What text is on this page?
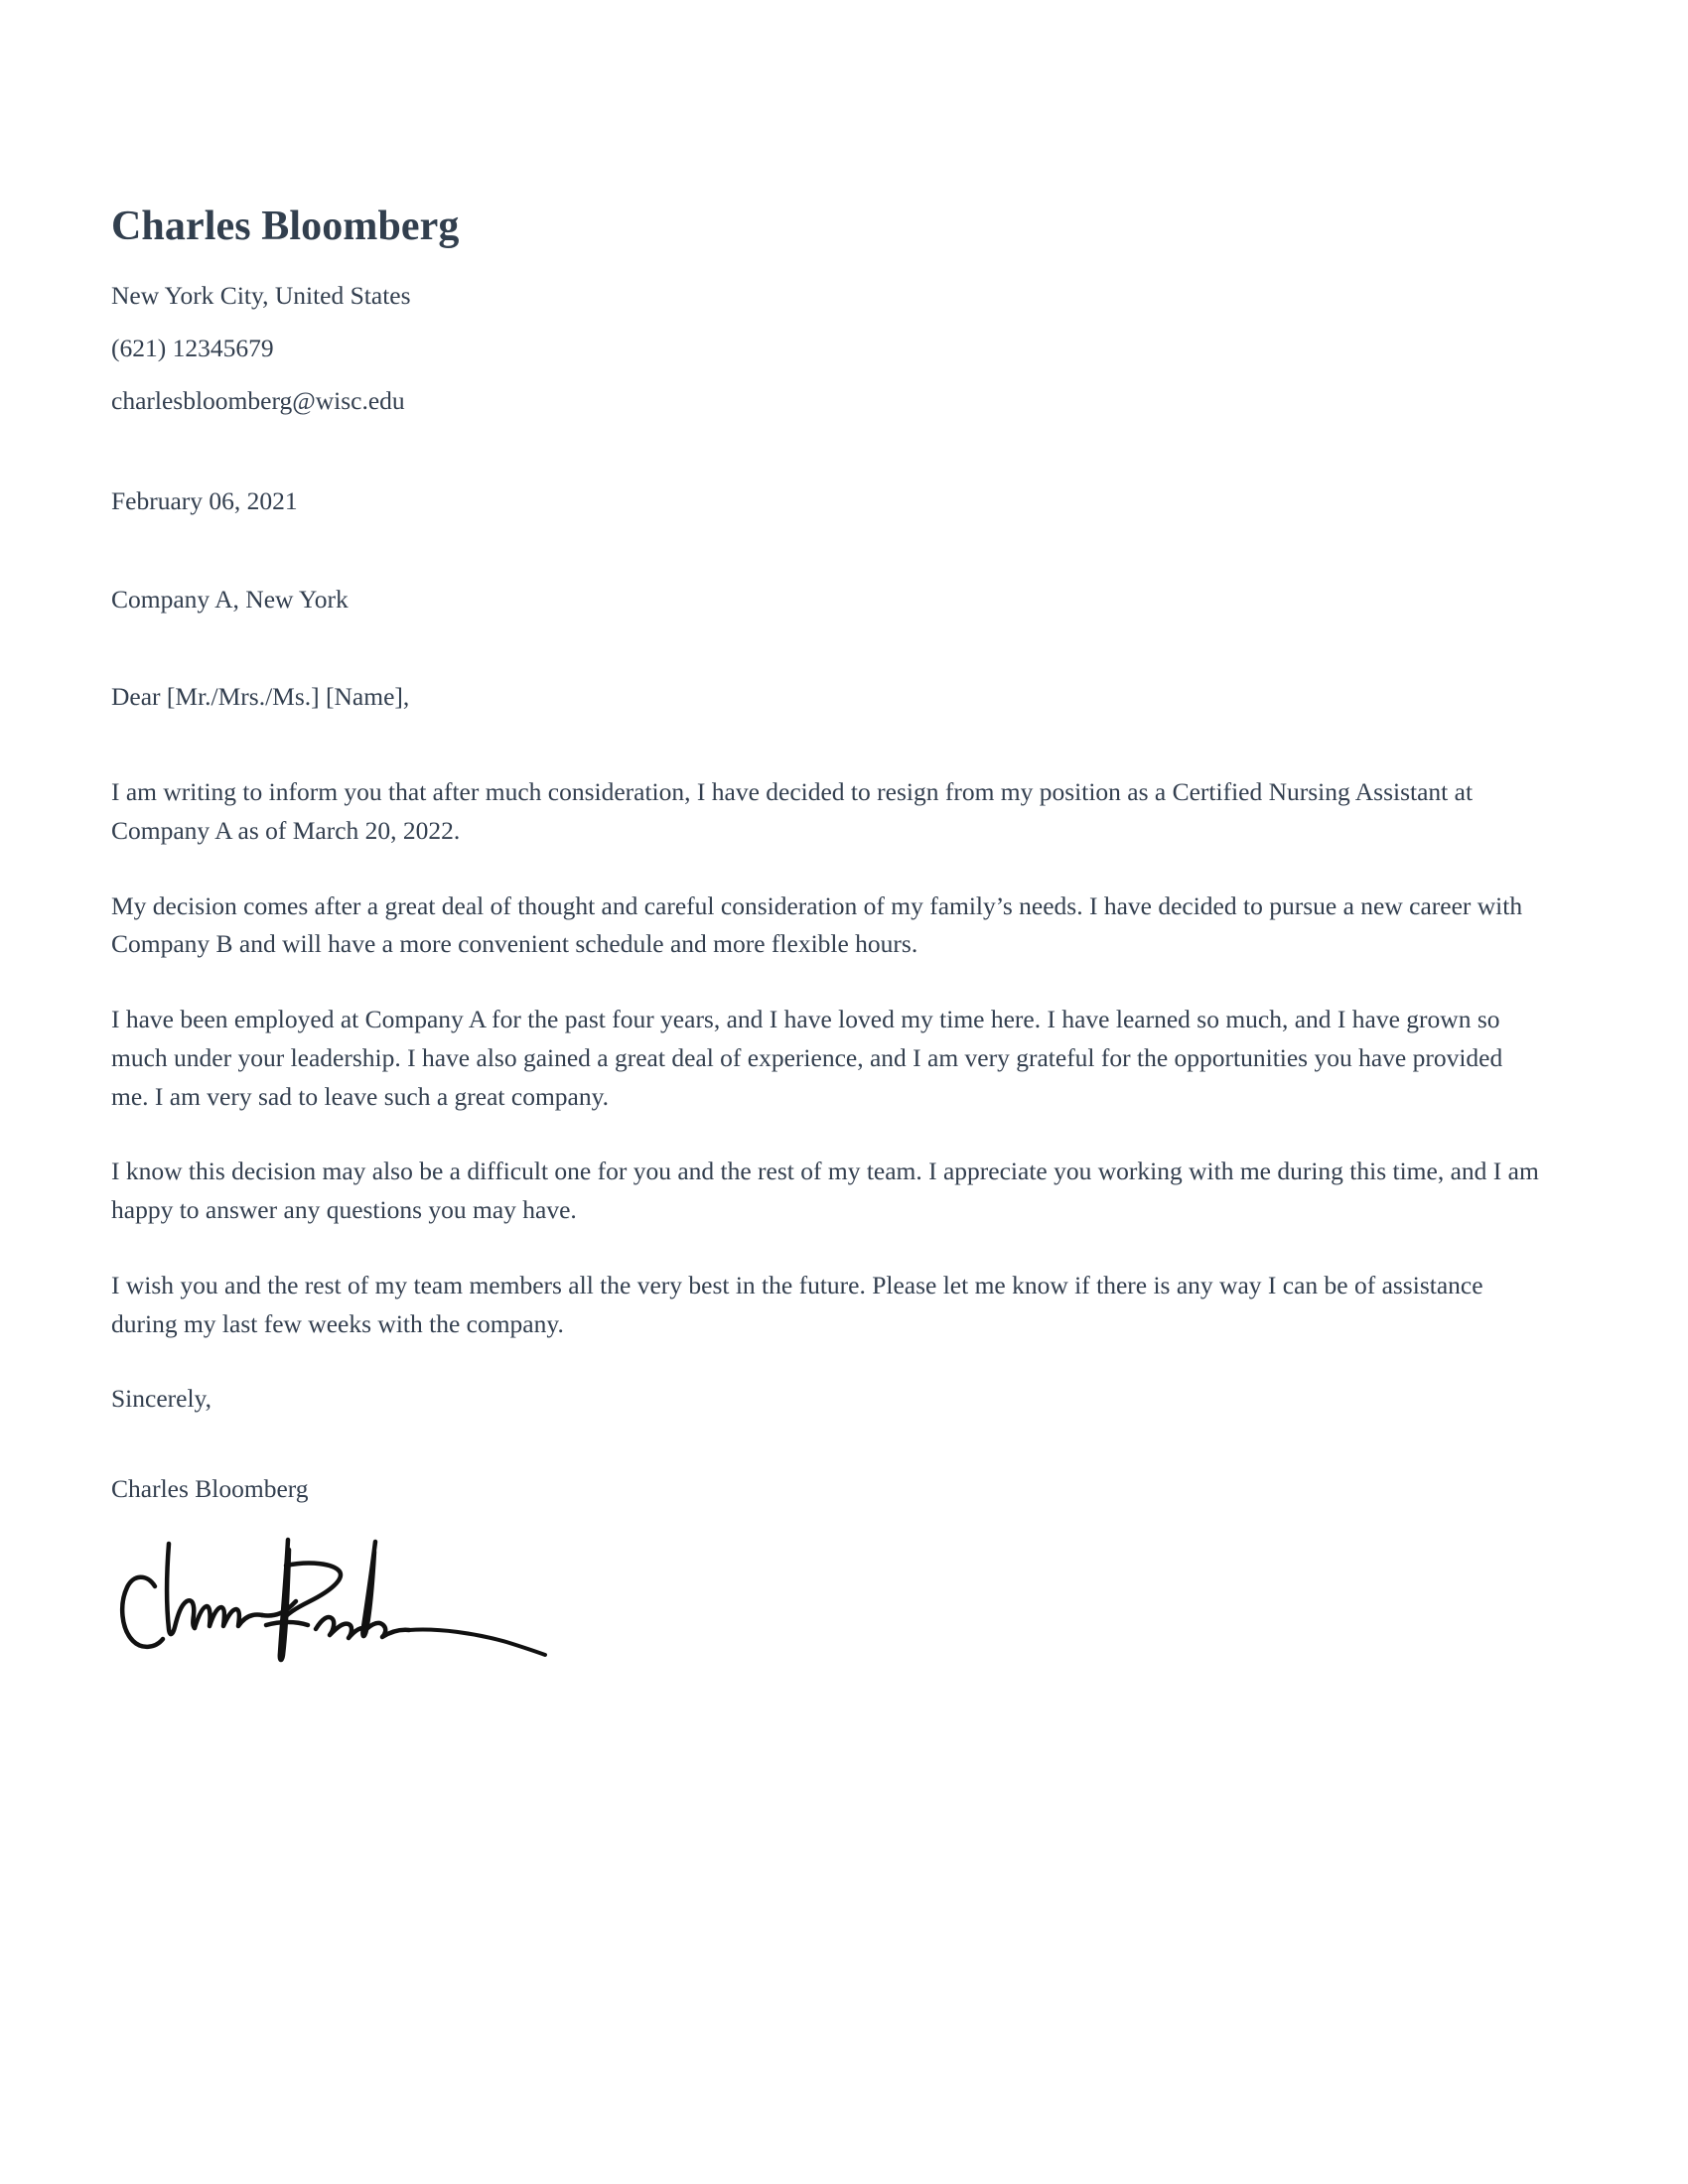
Charles Bloomberg

New York City, United States

(621) 12345679

charlesbloomberg@wisc.edu

February 06, 2021

Company A, New York

Dear [Mr./Mrs./Ms.] [Name],

I am writing to inform you that after much consideration, I have decided to resign from my position as a Certified Nursing Assistant at Company A as of March 20, 2022.

My decision comes after a great deal of thought and careful consideration of my family’s needs. I have decided to pursue a new career with Company B and will have a more convenient schedule and more flexible hours.

I have been employed at Company A for the past four years, and I have loved my time here. I have learned so much, and I have grown so much under your leadership. I have also gained a great deal of experience, and I am very grateful for the opportunities you have provided me. I am very sad to leave such a great company.

I know this decision may also be a difficult one for you and the rest of my team. I appreciate you working with me during this time, and I am happy to answer any questions you may have.

I wish you and the rest of my team members all the very best in the future. Please let me know if there is any way I can be of assistance during my last few weeks with the company.

Sincerely,

Charles Bloomberg
